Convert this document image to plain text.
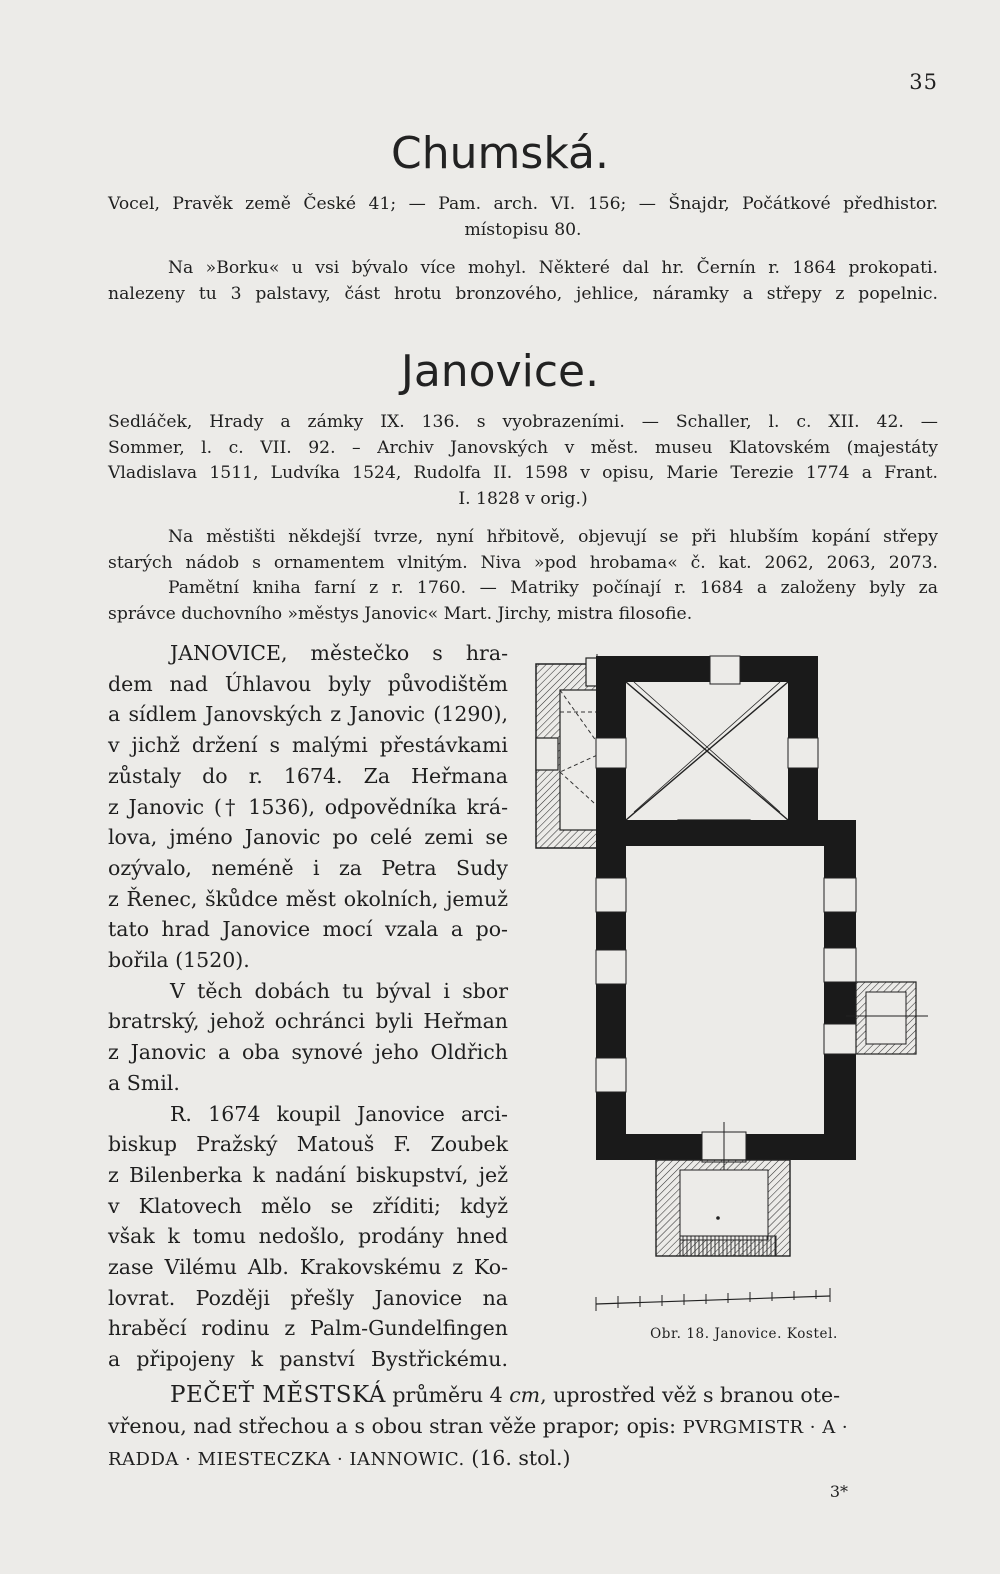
35
Chumská.
Vocel, Pravěk země České 41; — Pam. arch. VI. 156; — Šnajdr, Počátkové předhistor.
místopisu 80.
Na »Borku« u vsi bývalo více mohyl. Některé dal hr. Černín r. 1864 prokopati.
nalezeny tu 3 palstavy, část hrotu bronzového, jehlice, náramky a střepy z popelnic.
Janovice.
Sedláček, Hrady a zámky IX. 136. s vyobrazeními. — Schaller, l. c. XII. 42. —
Sommer, l. c. VII. 92. – Archiv Janovských v měst. museu Klatovském (majestáty
Vladislava 1511, Ludvíka 1524, Rudolfa II. 1598 v opisu, Marie Terezie 1774 a Frant.
I. 1828 v orig.)
Na městišti někdejší tvrze, nyní hřbitově, objevují se při hlubším kopání střepy
starých nádob s ornamentem vlnitým. Niva »pod hrobama« č. kat. 2062, 2063, 2073.
Pamětní kniha farní z r. 1760. — Matriky počínají r. 1684 a založeny byly za
správce duchovního »městys Janovic« Mart. Jirchy, mistra filosofie.
JANOVICE, městečko s hra-
dem nad Úhlavou byly původištěm
a sídlem Janovských z Janovic (1290),
v jichž držení s malými přestávkami
zůstaly do r. 1674. Za Heřmana
z Janovic († 1536), odpovědníka krá-
lova, jméno Janovic po celé zemi se
ozývalo, neméně i za Petra Sudy
z Řenec, škůdce měst okolních, jemuž
tato hrad Janovice mocí vzala a po-
bořila (1520).
V těch dobách tu býval i sbor
bratrský, jehož ochránci byli Heřman
z Janovic a oba synové jeho Oldřich
a Smil.
R. 1674 koupil Janovice arci-
biskup Pražský Matouš F. Zoubek
z Bilenberka k nadání biskupství, jež
v Klatovech mělo se zříditi; když
však k tomu nedošlo, prodány hned
zase Vilému Alb. Krakovskému z Ko-
lovrat. Později přešly Janovice na
hraběcí rodinu z Palm-Gundelfingen
a připojeny k panství Bystřickému.
Obr. 18. Janovice. Kostel.
PEČEŤ MĚSTSKÁ průměru 4 cm, uprostřed věž s branou ote-
vřenou, nad střechou a s obou stran věže prapor; opis: PVRGMISTR · A ·
RADDA · MIESTECZKA · IANNOWIC. (16. stol.)
3*
